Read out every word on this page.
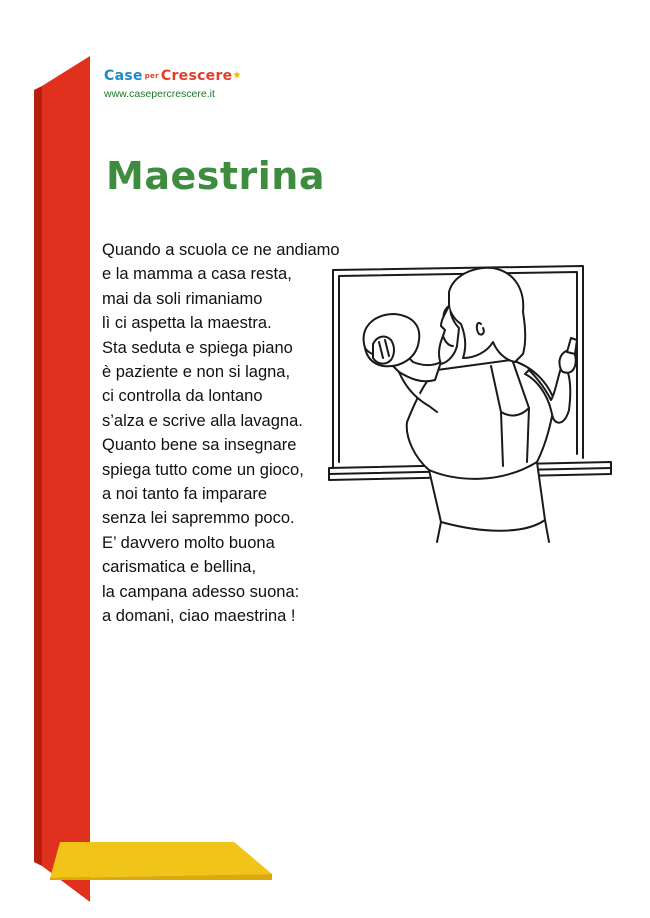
Case per Crescere★
www.casepercrescere.it
Maestrina
Quando a scuola ce ne andiamo
e la mamma a casa resta,
mai da soli rimaniamo
lì ci aspetta la maestra.
Sta seduta e spiega piano
è paziente e non si lagna,
ci controlla da lontano
s’alza e scrive alla lavagna.
Quanto bene sa insegnare
spiega tutto come un gioco,
a noi tanto fa imparare
senza lei sapremmo poco.
E’ davvero molto buona
carismatica e bellina,
la campana adesso suona:
a domani, ciao maestrina !
